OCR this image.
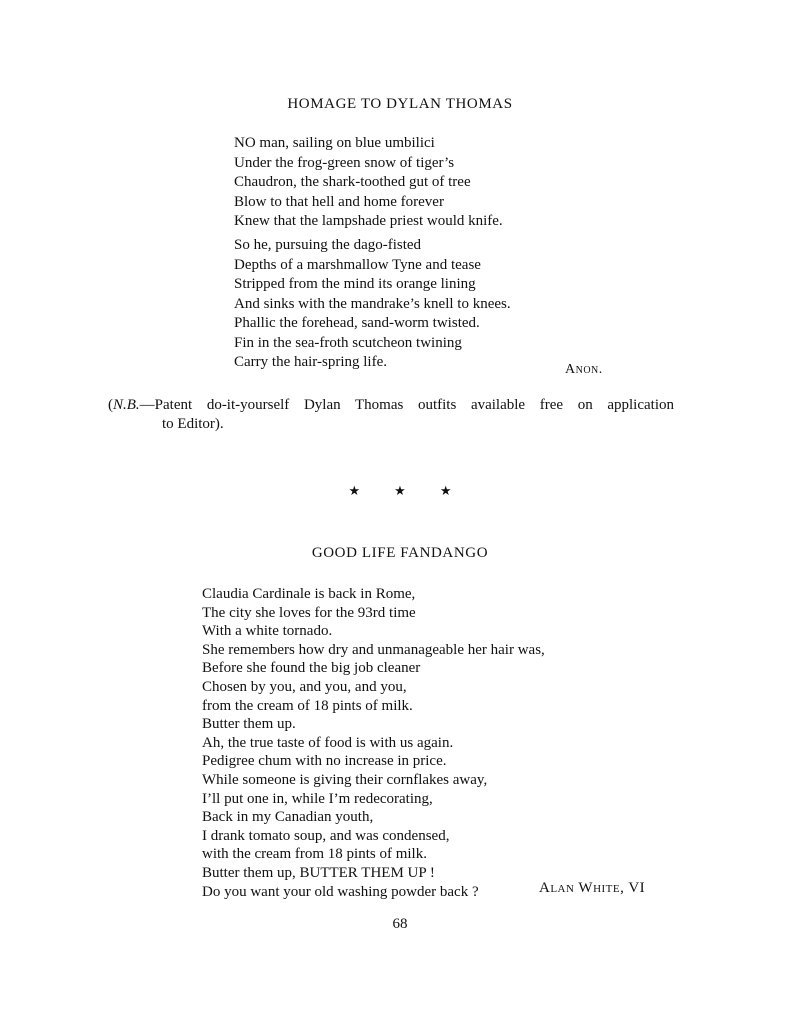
HOMAGE TO DYLAN THOMAS
NO man, sailing on blue umbilici
Under the frog-green snow of tiger’s
Chaudron, the shark-toothed gut of tree
Blow to that hell and home forever
Knew that the lampshade priest would knife.
So he, pursuing the dago-fisted
Depths of a marshmallow Tyne and tease
Stripped from the mind its orange lining
And sinks with the mandrake’s knell to knees.
Phallic the forehead, sand-worm twisted.
Fin in the sea-froth scutcheon twining
Carry the hair-spring life.	Anon.

(N.B.—Patent do-it-yourself Dylan Thomas outfits available free on application
to Editor).

★★★
GOOD LIFE FANDANGO
Claudia Cardinale is back in Rome,
The city she loves for the 93rd time
With a white tornado.
She remembers how dry and unmanageable her hair was,
Before she found the big job cleaner
Chosen by you, and you, and you,
from the cream of 18 pints of milk.
Butter them up.
Ah, the true taste of food is with us again.
Pedigree chum with no increase in price.
While someone is giving their cornflakes away,
I’ll put one in, while I’m redecorating,
Back in my Canadian youth,
I drank tomato soup, and was condensed,
with the cream from 18 pints of milk.
Butter them up, BUTTER THEM UP !
Do you want your old washing powder back ?	Alan White, VI
68
